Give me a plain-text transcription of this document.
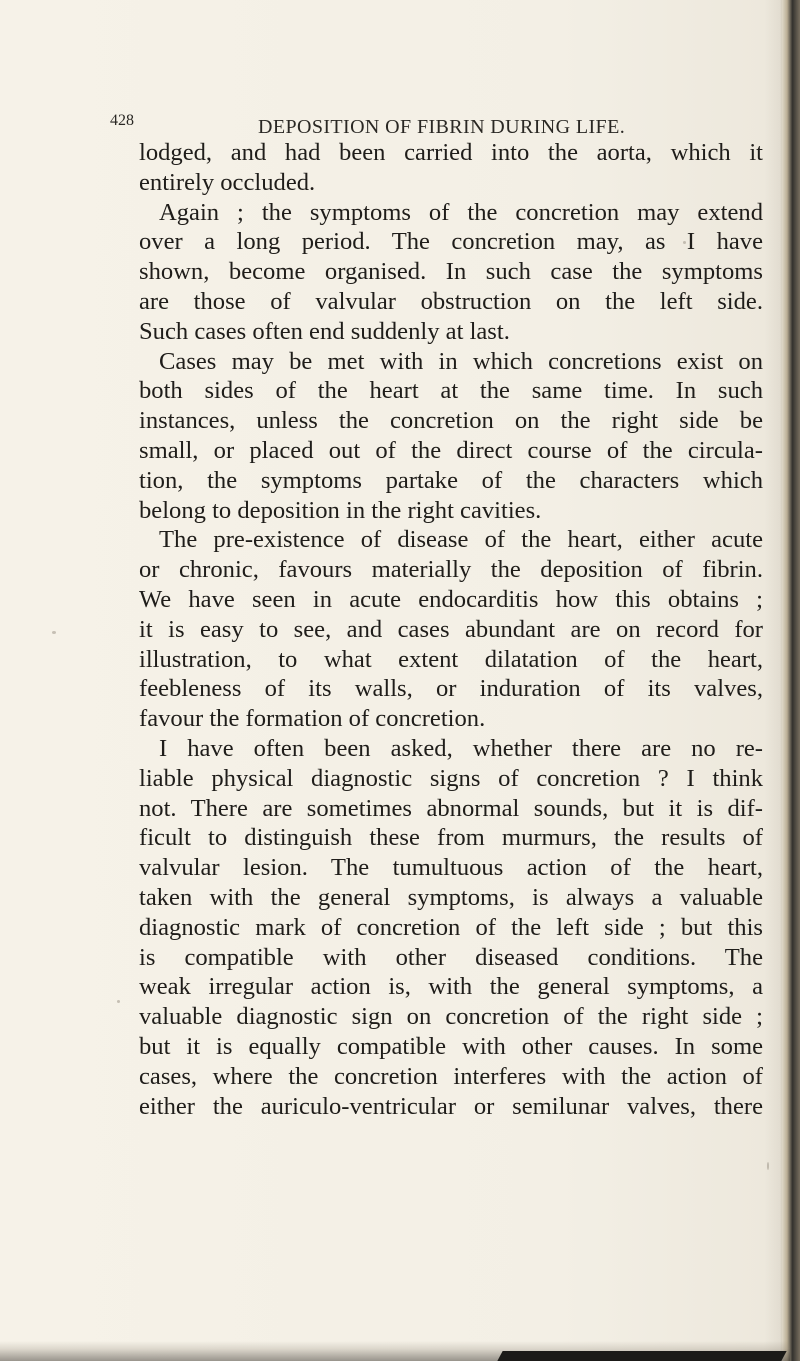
428	DEPOSITION OF FIBRIN DURING LIFE.
lodged, and had been carried into the aorta, which it
entirely occluded.
Again ; the symptoms of the concretion may extend
over a long period. The concretion may, as I have
shown, become organised. In such case the symptoms
are those of valvular obstruction on the left side.
Such cases often end suddenly at last.
Cases may be met with in which concretions exist on
both sides of the heart at the same time. In such
instances, unless the concretion on the right side be
small, or placed out of the direct course of the circula-
tion, the symptoms partake of the characters which
belong to deposition in the right cavities.
The pre-existence of disease of the heart, either acute
or chronic, favours materially the deposition of fibrin.
We have seen in acute endocarditis how this obtains ;
it is easy to see, and cases abundant are on record for
illustration, to what extent dilatation of the heart,
feebleness of its walls, or induration of its valves,
favour the formation of concretion.
I have often been asked, whether there are no re-
liable physical diagnostic signs of concretion ? I think
not. There are sometimes abnormal sounds, but it is dif-
ficult to distinguish these from murmurs, the results of
valvular lesion. The tumultuous action of the heart,
taken with the general symptoms, is always a valuable
diagnostic mark of concretion of the left side ; but this
is compatible with other diseased conditions. The
weak irregular action is, with the general symptoms, a
valuable diagnostic sign on concretion of the right side ;
but it is equally compatible with other causes. In some
cases, where the concretion interferes with the action of
either the auriculo-ventricular or semilunar valves, there
